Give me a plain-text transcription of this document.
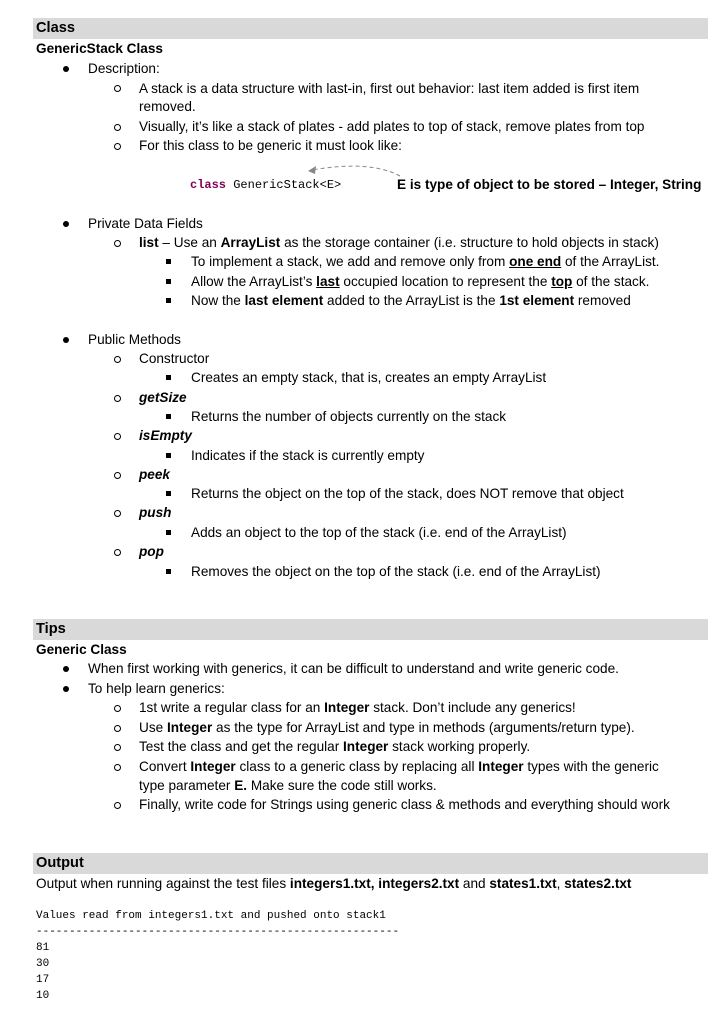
Class
GenericStack Class
Description:
A stack is a data structure with last-in, first out behavior: last item added is first item
removed.
Visually, it’s like a stack of plates - add plates to top of stack, remove plates from top
For this class to be generic it must look like:
class GenericStack<E>	E is type of object to be stored – Integer, String
Private Data Fields
list – Use an ArrayList as the storage container (i.e. structure to hold objects in stack)
To implement a stack, we add and remove only from one end of the ArrayList.
Allow the ArrayList’s last occupied location to represent the top of the stack.
Now the last element added to the ArrayList is the 1st element removed
Public Methods
Constructor
Creates an empty stack, that is, creates an empty ArrayList
getSize
Returns the number of objects currently on the stack
isEmpty
Indicates if the stack is currently empty
peek
Returns the object on the top of the stack, does NOT remove that object
push
Adds an object to the top of the stack (i.e. end of the ArrayList)
pop
Removes the object on the top of the stack (i.e. end of the ArrayList)
Tips
Generic Class
When first working with generics, it can be difficult to understand and write generic code.
To help learn generics:
1st write a regular class for an Integer stack. Don’t include any generics!
Use Integer as the type for ArrayList and type in methods (arguments/return type).
Test the class and get the regular Integer stack working properly.
Convert Integer class to a generic class by replacing all Integer types with the generic
type parameter E. Make sure the code still works.
Finally, write code for Strings using generic class & methods and everything should work
Output
Output when running against the test files integers1.txt, integers2.txt and states1.txt, states2.txt
Values read from integers1.txt and pushed onto stack1
-------------------------------------------------------
81
30
17
10
